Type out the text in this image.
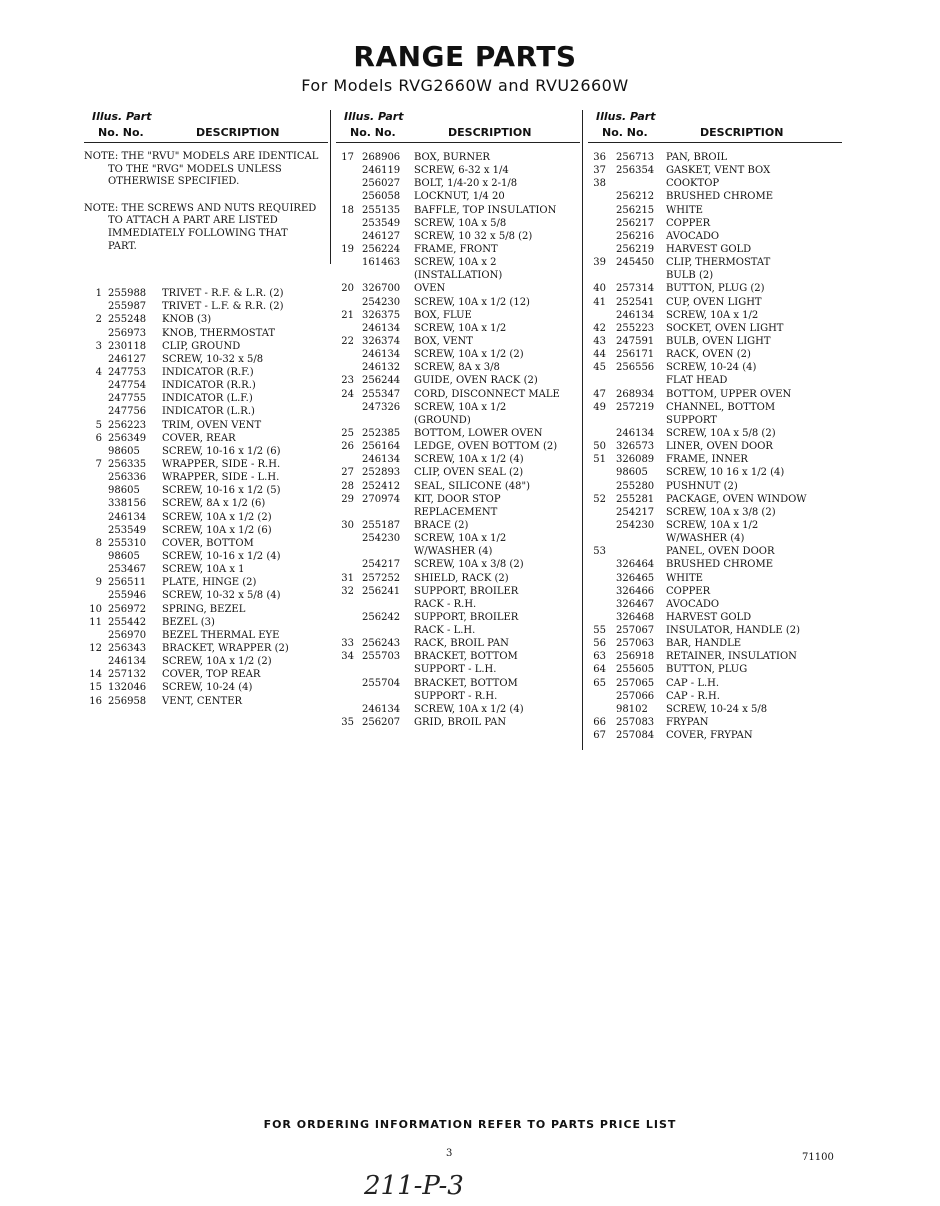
RANGE PARTS
For Models RVG2660W and RVU2660W
Illus. Part
No. No.	DESCRIPTION
NOTE: THE "RVU" MODELS ARE IDENTICAL
TO THE "RVG" MODELS UNLESS
OTHERWISE SPECIFIED.
NOTE: THE SCREWS AND NUTS REQUIRED
TO ATTACH A PART ARE LISTED
IMMEDIATELY FOLLOWING THAT
PART.
1 255988 TRIVET - R.F. & L.R. (2)
255987 TRIVET - L.F. & R.R. (2)
2 255248 KNOB (3)
256973 KNOB, THERMOSTAT
3 230118 CLIP, GROUND
246127 SCREW, 10-32 x 5/8
4 247753 INDICATOR (R.F.)
247754 INDICATOR (R.R.)
247755 INDICATOR (L.F.)
247756 INDICATOR (L.R.)
5 256223 TRIM, OVEN VENT
6 256349 COVER, REAR
98605 SCREW, 10-16 x 1/2 (6)
7 256335 WRAPPER, SIDE - R.H.
256336 WRAPPER, SIDE - L.H.
98605 SCREW, 10-16 x 1/2 (5)
338156 SCREW, 8A x 1/2 (6)
246134 SCREW, 10A x 1/2 (2)
253549 SCREW, 10A x 1/2 (6)
8 255310 COVER, BOTTOM
98605 SCREW, 10-16 x 1/2 (4)
253467 SCREW, 10A x 1
9 256511 PLATE, HINGE (2)
255946 SCREW, 10-32 x 5/8 (4)
10 256972 SPRING, BEZEL
11 255442 BEZEL (3)
256970 BEZEL THERMAL EYE
12 256343 BRACKET, WRAPPER (2)
246134 SCREW, 10A x 1/2 (2)
14 257132 COVER, TOP REAR
15 132046 SCREW, 10-24 (4)
16 256958 VENT, CENTER
Illus. Part
No. No.	DESCRIPTION
17 268906 BOX, BURNER
246119 SCREW, 6-32 x 1/4
256027 BOLT, 1/4-20 x 2-1/8
256058 LOCKNUT, 1/4 20
18 255135 BAFFLE, TOP INSULATION
253549 SCREW, 10A x 5/8
246127 SCREW, 10 32 x 5/8 (2)
19 256224 FRAME, FRONT
161463 SCREW, 10A x 2
(INSTALLATION)
20 326700 OVEN
254230 SCREW, 10A x 1/2 (12)
21 326375 BOX, FLUE
246134 SCREW, 10A x 1/2
22 326374 BOX, VENT
246134 SCREW, 10A x 1/2 (2)
246132 SCREW, 8A x 3/8
23 256244 GUIDE, OVEN RACK (2)
24 255347 CORD, DISCONNECT MALE
247326 SCREW, 10A x 1/2
(GROUND)
25 252385 BOTTOM, LOWER OVEN
26 256164 LEDGE, OVEN BOTTOM (2)
246134 SCREW, 10A x 1/2 (4)
27 252893 CLIP, OVEN SEAL (2)
28 252412 SEAL, SILICONE (48")
29 270974 KIT, DOOR STOP
REPLACEMENT
30 255187 BRACE (2)
254230 SCREW, 10A x 1/2
W/WASHER (4)
254217 SCREW, 10A x 3/8 (2)
31 257252 SHIELD, RACK (2)
32 256241 SUPPORT, BROILER
RACK - R.H.
256242 SUPPORT, BROILER
RACK - L.H.
33 256243 RACK, BROIL PAN
34 255703 BRACKET, BOTTOM
SUPPORT - L.H.
255704 BRACKET, BOTTOM
SUPPORT - R.H.
246134 SCREW, 10A x 1/2 (4)
35 256207 GRID, BROIL PAN
Illus. Part
No. No.	DESCRIPTION
36 256713 PAN, BROIL
37 256354 GASKET, VENT BOX
38	COOKTOP
256212 BRUSHED CHROME
256215 WHITE
256217 COPPER
256216 AVOCADO
256219 HARVEST GOLD
39 245450 CLIP, THERMOSTAT
BULB (2)
40 257314 BUTTON, PLUG (2)
41 252541 CUP, OVEN LIGHT
246134 SCREW, 10A x 1/2
42 255223 SOCKET, OVEN LIGHT
43 247591 BULB, OVEN LIGHT
44 256171 RACK, OVEN (2)
45 256556 SCREW, 10-24 (4)
FLAT HEAD
47 268934 BOTTOM, UPPER OVEN
49 257219 CHANNEL, BOTTOM
SUPPORT
246134 SCREW, 10A x 5/8 (2)
50 326573 LINER, OVEN DOOR
51 326089 FRAME, INNER
98605 SCREW, 10 16 x 1/2 (4)
255280 PUSHNUT (2)
52 255281 PACKAGE, OVEN WINDOW
254217 SCREW, 10A x 3/8 (2)
254230 SCREW, 10A x 1/2
W/WASHER (4)
53	PANEL, OVEN DOOR
326464 BRUSHED CHROME
326465 WHITE
326466 COPPER
326467 AVOCADO
326468 HARVEST GOLD
55 257067 INSULATOR, HANDLE (2)
56 257063 BAR, HANDLE
63 256918 RETAINER, INSULATION
64 255605 BUTTON, PLUG
65 257065 CAP - L.H.
257066 CAP - R.H.
98102 SCREW, 10-24 x 5/8
66 257083 FRYPAN
67 257084 COVER, FRYPAN
FOR ORDERING INFORMATION REFER TO PARTS PRICE LIST
3	71100
211-P-3
